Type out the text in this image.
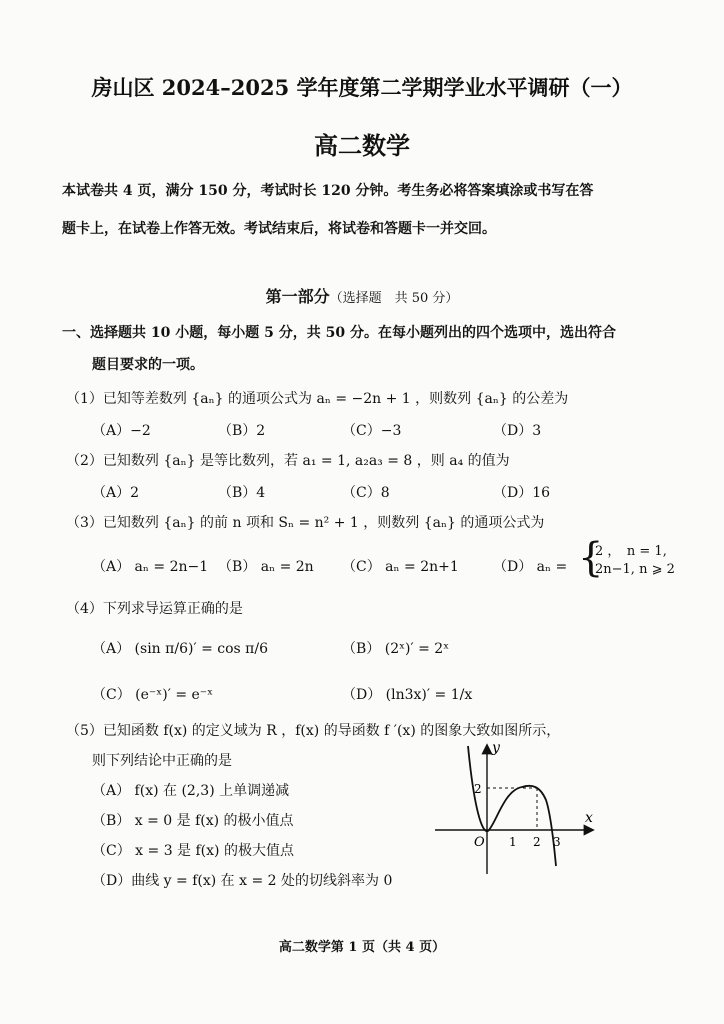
房山区 2024–2025 学年度第二学期学业水平调研（一）
高二数学
本试卷共 4 页，满分 150 分，考试时长 120 分钟。考生务必将答案填涂或书写在答
题卡上，在试卷上作答无效。考试结束后，将试卷和答题卡一并交回。
第一部分（选择题　共 50 分）
一、选择题共 10 小题，每小题 5 分，共 50 分。在每小题列出的四个选项中，选出符合
题目要求的一项。
（1）已知等差数列 {aₙ} 的通项公式为 aₙ = −2n + 1 ，则数列 {aₙ} 的公差为
（A）−2	（B）2	（C）−3	（D）3
（2）已知数列 {aₙ} 是等比数列，若 a₁ = 1, a₂a₃ = 8 ，则 a₄ 的值为
（A）2	（B）4	（C）8	（D）16
（3）已知数列 {aₙ} 的前 n 项和 Sₙ = n² + 1 ，则数列 {aₙ} 的通项公式为
（A） aₙ = 2n−1 （B） aₙ = 2n （C） aₙ = 2n+1 （D） aₙ = {
2 ，　n = 1,
2n−1, n ⩾ 2
（4）下列求导运算正确的是
（A） (sin π/6)′ = cos π/6	（B） (2ˣ)′ = 2ˣ
（C） (e⁻ˣ)′ = e⁻ˣ	（D） (ln3x)′ = 1/x
（5）已知函数 f(x) 的定义域为 R ，f(x) 的导函数 f ′(x) 的图象大致如图所示，
则下列结论中正确的是
（A） f(x) 在 (2,3) 上单调递减
（B） x = 0 是 f(x) 的极小值点
（C） x = 3 是 f(x) 的极大值点
（D）曲线 y = f(x) 在 x = 2 处的切线斜率为 0
y
x
O
2
1 2 3
高二数学第 1 页（共 4 页）
